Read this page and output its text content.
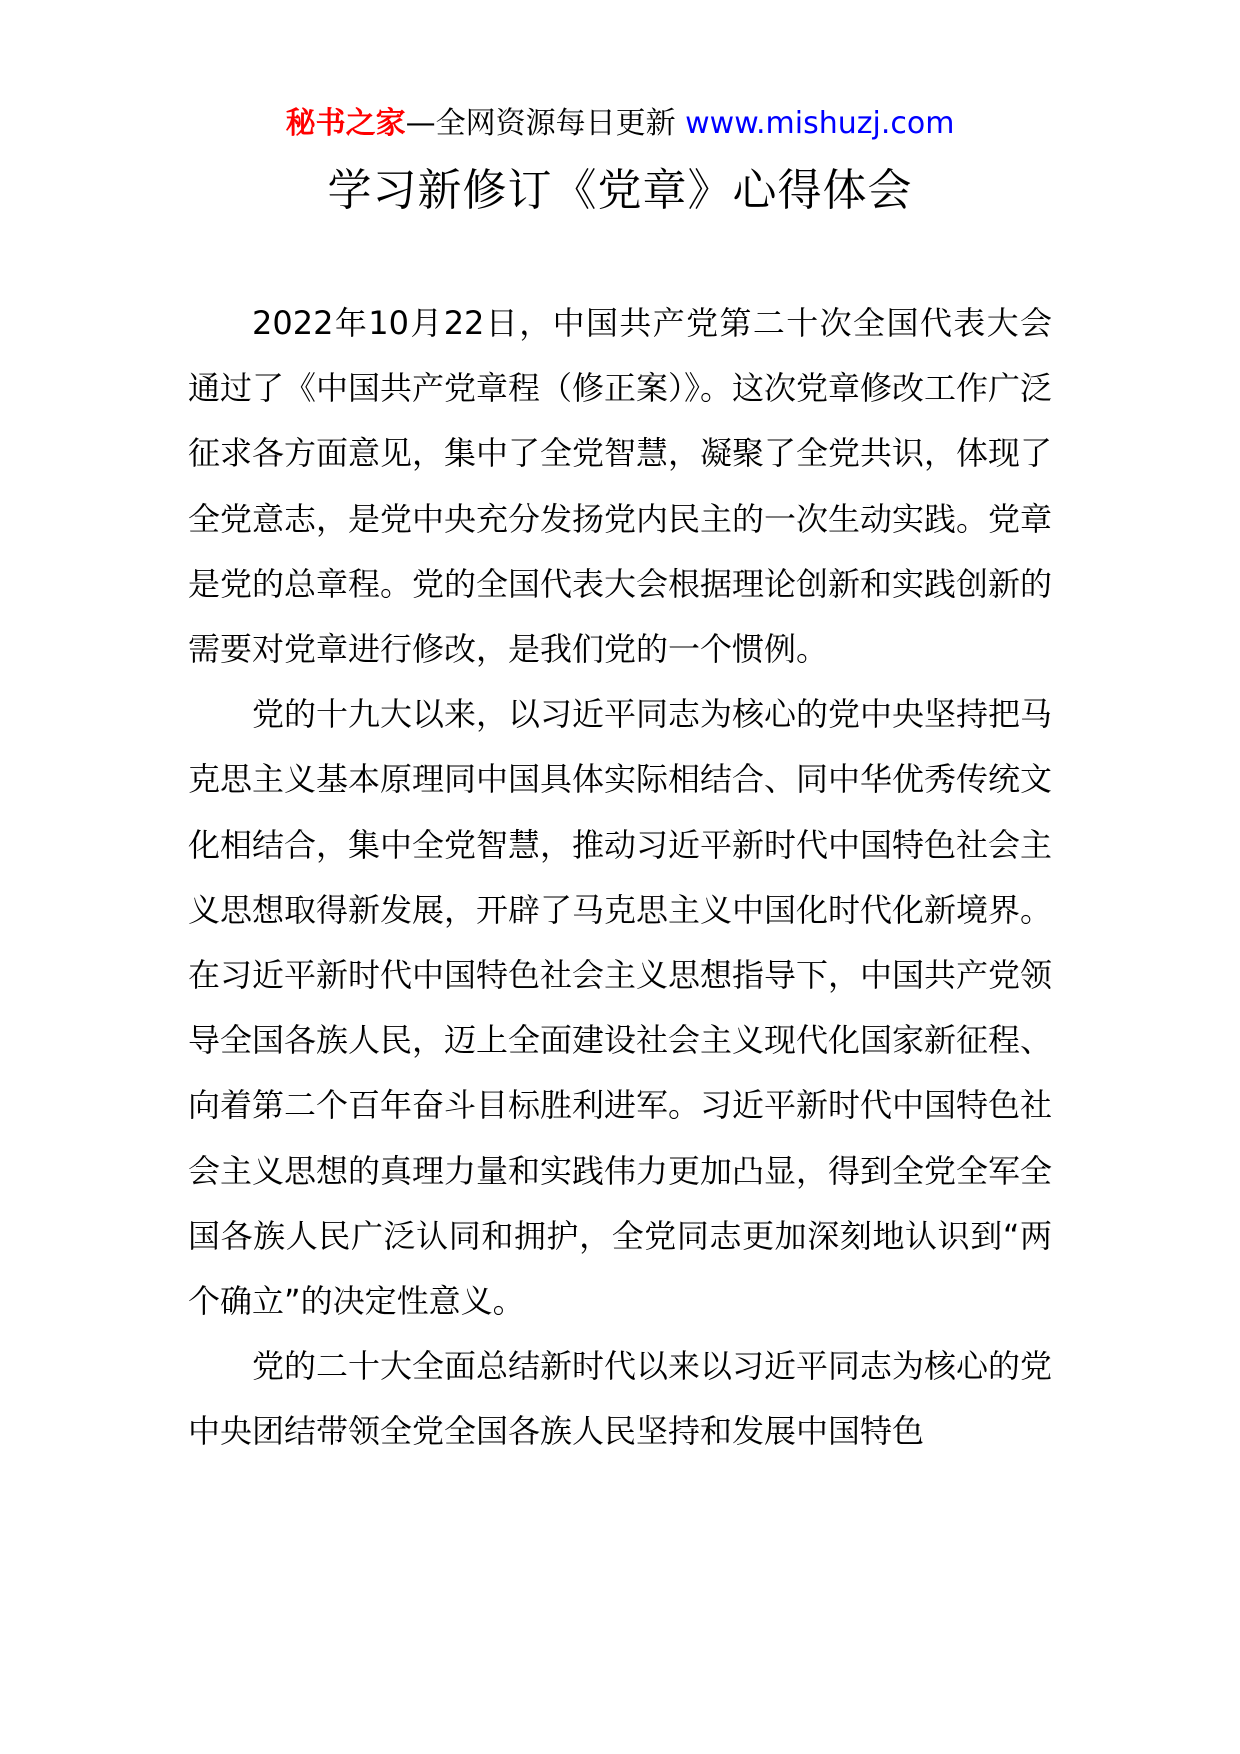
秘书之家—全网资源每日更新 www.mishuzj.com
学习新修订《党章》心得体会

2022年10月22日，中国共产党第二十次全国代表大会通过了《中国共产党章程（修正案）》。这次党章修改工作广泛征求各方面意见，集中了全党智慧，凝聚了全党共识，体现了全党意志，是党中央充分发扬党内民主的一次生动实践。党章是党的总章程。党的全国代表大会根据理论创新和实践创新的需要对党章进行修改，是我们党的一个惯例。

党的十九大以来，以习近平同志为核心的党中央坚持把马克思主义基本原理同中国具体实际相结合、同中华优秀传统文化相结合，集中全党智慧，推动习近平新时代中国特色社会主义思想取得新发展，开辟了马克思主义中国化时代化新境界。在习近平新时代中国特色社会主义思想指导下，中国共产党领导全国各族人民，迈上全面建设社会主义现代化国家新征程、向着第二个百年奋斗目标胜利进军。习近平新时代中国特色社会主义思想的真理力量和实践伟力更加凸显，得到全党全军全国各族人民广泛认同和拥护，全党同志更加深刻地认识到“两个确立”的决定性意义。

党的二十大全面总结新时代以来以习近平同志为核心的党中央团结带领全党全国各族人民坚持和发展中国特色
